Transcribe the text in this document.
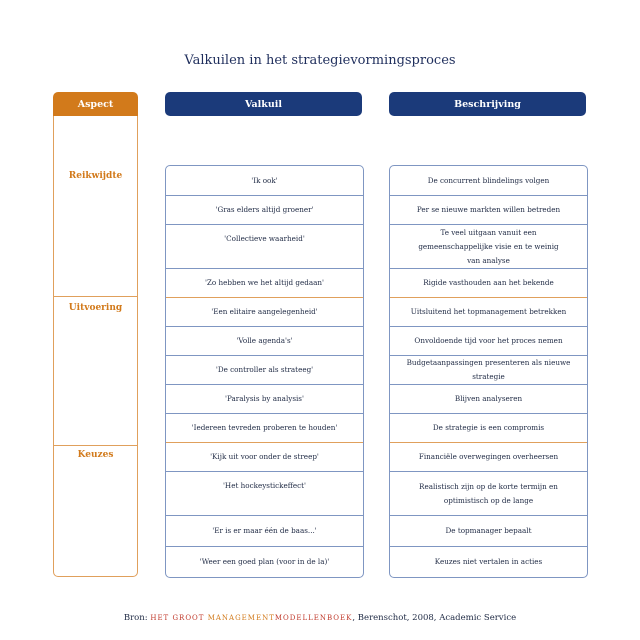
Valkuilen in het strategievormingsproces
Aspect	Valkuil	Beschrijving
Reikwijdte
Uitvoering
Keuzes
'Ik ook'
'Gras elders altijd groener'
'Collectieve waarheid'
'Zo hebben we het altijd gedaan'
'Een elitaire aangelegenheid'
'Volle agenda's'
'De controller als strateeg'
'Paralysis by analysis'
'Iedereen tevreden proberen te houden'
'Kijk uit voor onder de streep'
'Het hockeystickeffect'
'Er is er maar één de baas...'
'Weer een goed plan (voor in de la)'
De concurrent blindelings volgen
Per se nieuwe markten willen betreden
Te veel uitgaan vanuit een gemeenschappelijke visie en te weinig van analyse
Rigide vasthouden aan het bekende
Uitsluitend het topmanagement betrekken
Onvoldoende tijd voor het proces nemen
Budgetaanpassingen presenteren als nieuwe strategie
Blijven analyseren
De strategie is een compromis
Financiële overwegingen overheersen
Realistisch zijn op de korte termijn en optimistisch op de lange
De topmanager bepaalt
Keuzes niet vertalen in acties
Bron: HET GROOT MANAGEMENTMODELLENBOEK, Berenschot, 2008, Academic Service
